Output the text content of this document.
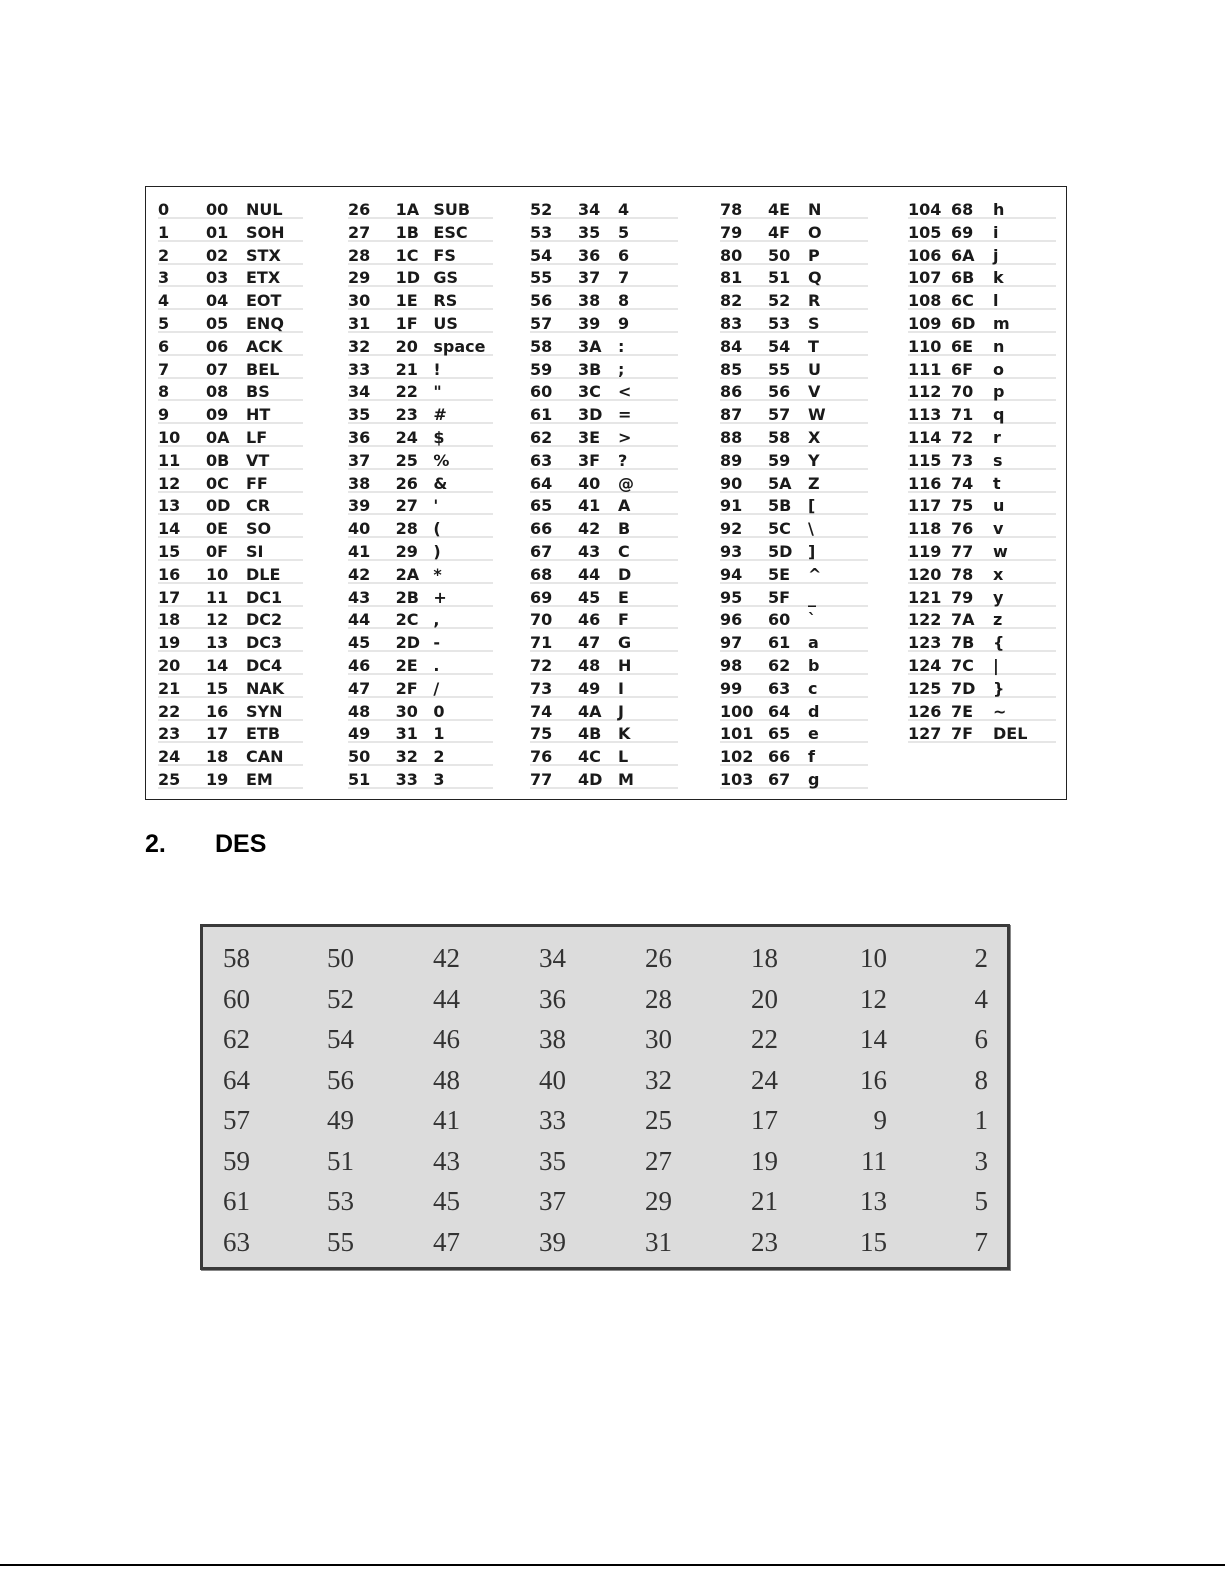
0	00	NUL
1	01	SOH
2	02	STX
3	03	ETX
4	04	EOT
5	05	ENQ
6	06	ACK
7	07	BEL
8	08	BS
9	09	HT
10	0A	LF
11	0B	VT
12	0C	FF
13	0D CR
14	0E	SO
15	0F	SI
16	10	DLE
17	11	DC1
18	12	DC2
19	13	DC3
20	14	DC4
21	15	NAK
22	16	SYN
23	17	ETB
24	18	CAN
25	19	EM
26	1A SUB
27	1B ESC
28	1C FS
29	1D GS
30	1E RS
31	1F US
32	20 space
33	21 !
34	22 "
35	23 #
36	24 $
37	25 %
38	26 &
39	27 '
40	28 (
41	29 )
42	2A *
43	2B +
44	2C ,
45	2D -
46	2E .
47	2F /
48	30 0
49	31 1
50	32 2
51	33 3
52	34	4
53	35	5
54	36	6
55	37	7
56	38	8
57	39	9
58	3A	:
59	3B	;
60	3C	<
61	3D =
62	3E	>
63	3F	?
64	40	@
65	41	A
66	42	B
67	43	C
68	44	D
69	45	E
70	46	F
71	47	G
72	48	H
73	49	I
74	4A	J
75	4B	K
76	4C	L
77	4D M
78	4E	N
79	4F	O
80	50	P
81	51	Q
82	52	R
83	53	S
84	54	T
85	55	U
86	56	V
87	57	W
88	58	X
89	59	Y
90	5A	Z
91	5B	[
92	5C	\
93	5D ]
94	5E	^
95	5F	_
96	60	`
97	61	a
98	62	b
99	63	c
100 64	d
101 65	e
102 66	f
103 67	g
104 68	h
105 69	i
106 6A	j
107 6B	k
108 6C	l
109 6D	m
110 6E	n
111 6F	o
112 70	p
113 71	q
114 72	r
115 73	s
116 74	t
117 75	u
118 76	v
119 77	w
120 78	x
121 79	y
122 7A	z
123 7B	{
124 7C	|
125 7D	}
126 7E	~
127 7F	DEL
2.	DES
58	50	42	34	26	18	10	2
60	52	44	36	28	20	12	4
62	54	46	38	30	22	14	6
64	56	48	40	32	24	16	8
57	49	41	33	25	17	9	1
59	51	43	35	27	19	11	3
61	53	45	37	29	21	13	5
63	55	47	39	31	23	15	7
